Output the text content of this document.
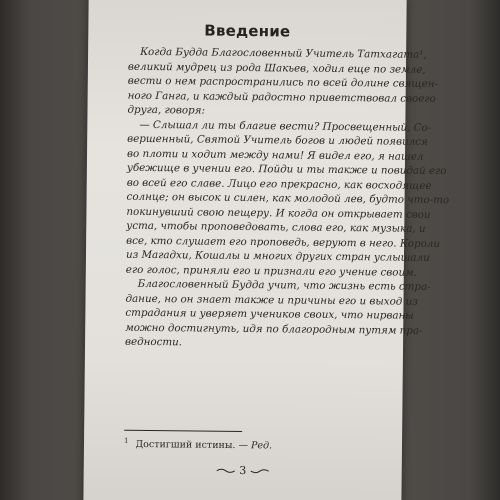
Введение

Когда Будда Благословенный Учитель Татхагата¹,
великий мудрец из рода Шакьев, ходил еще по земле,
вести о нем распространились по всей долине священ-
ного Ганга, и каждый радостно приветствовал своего
друга, говоря:

— Слышал ли ты благие вести? Просвещенный, Со-
вершенный, Святой Учитель богов и людей появился
во плоти и ходит между нами! Я видел его, я нашел
убежище в учении его. Пойди и ты также и повидай его
во всей его славе. Лицо его прекрасно, как восходящее
солнце; он высок и силен, как молодой лев, будто что-то
покинувший свою пещеру. И когда он открывает свои
уста, чтобы проповедовать, слова его, как музыка, и
все, кто слушает его проповедь, веруют в него. Короли
из Магадхи, Кошалы и многих других стран услышали
его голос, приняли его и признали его учение своим.

Благословенный Будда учит, что жизнь есть стра-
дание, но он знает также и причины его и выход из
страдания и уверяет учеников своих, что нирваны
можно достигнуть, идя по благородным путям пра-
ведности.

$^1$ Достигший истины. — Ред.
3
